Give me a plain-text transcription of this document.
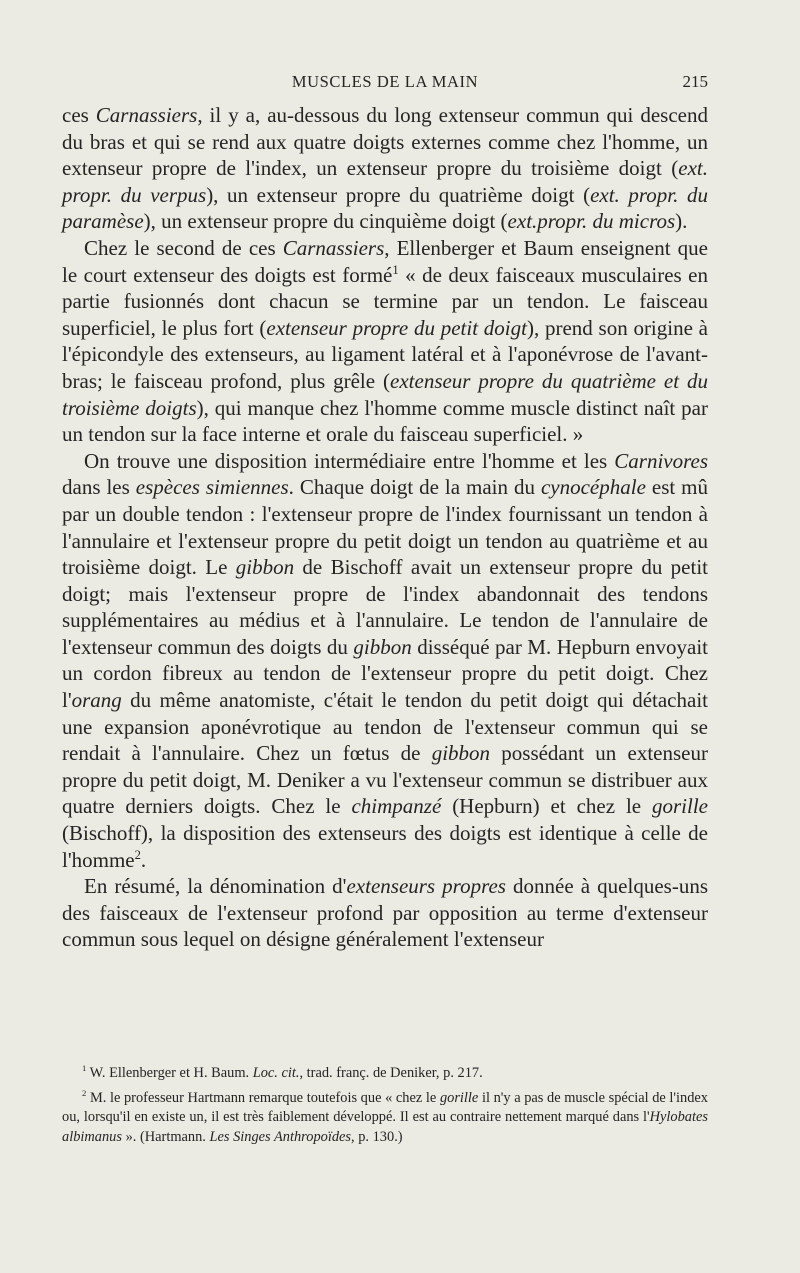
MUSCLES DE LA MAIN	215

ces Carnassiers, il y a, au-dessous du long extenseur commun qui descend du bras et qui se rend aux quatre doigts externes comme chez l'homme, un extenseur propre de l'index, un extenseur propre du troisième doigt (ext. propr. du verpus), un extenseur propre du quatrième doigt (ext. propr. du paramèse), un extenseur propre du cinquième doigt (ext.propr. du micros).

Chez le second de ces Carnassiers, Ellenberger et Baum enseignent que le court extenseur des doigts est formé$^1$ « de deux faisceaux musculaires en partie fusionnés dont chacun se termine par un tendon. Le faisceau superficiel, le plus fort (extenseur propre du petit doigt), prend son origine à l'épicondyle des extenseurs, au ligament latéral et à l'aponévrose de l'avant-bras; le faisceau profond, plus grêle (extenseur propre du quatrième et du troisième doigts), qui manque chez l'homme comme muscle distinct naît par un tendon sur la face interne et orale du faisceau superficiel. »

On trouve une disposition intermédiaire entre l'homme et les Carnivores dans les espèces simiennes. Chaque doigt de la main du cynocéphale est mû par un double tendon : l'extenseur propre de l'index fournissant un tendon à l'annulaire et l'extenseur propre du petit doigt un tendon au quatrième et au troisième doigt. Le gibbon de Bischoff avait un extenseur propre du petit doigt; mais l'extenseur propre de l'index abandonnait des tendons supplémentaires au médius et à l'annulaire. Le tendon de l'annulaire de l'extenseur commun des doigts du gibbon disséqué par M. Hepburn envoyait un cordon fibreux au tendon de l'extenseur propre du petit doigt. Chez l'orang du même anatomiste, c'était le tendon du petit doigt qui détachait une expansion aponévrotique au tendon de l'extenseur commun qui se rendait à l'annulaire. Chez un fœtus de gibbon possédant un extenseur propre du petit doigt, M. Deniker a vu l'extenseur commun se distribuer aux quatre derniers doigts. Chez le chimpanzé (Hepburn) et chez le gorille (Bischoff), la disposition des extenseurs des doigts est identique à celle de l'homme$^2$.

En résumé, la dénomination d'extenseurs propres donnée à quelques-uns des faisceaux de l'extenseur profond par opposition au terme d'extenseur commun sous lequel on désigne généralement l'extenseur

$^1$ W. Ellenberger et H. Baum. Loc. cit., trad. franç. de Deniker, p. 217.

$^2$ M. le professeur Hartmann remarque toutefois que « chez le gorille il n'y a pas de muscle spécial de l'index ou, lorsqu'il en existe un, il est très faiblement développé. Il est au contraire nettement marqué dans l'Hylobates albimanus ». (Hartmann. Les Singes Anthropoïdes, p. 130.)
